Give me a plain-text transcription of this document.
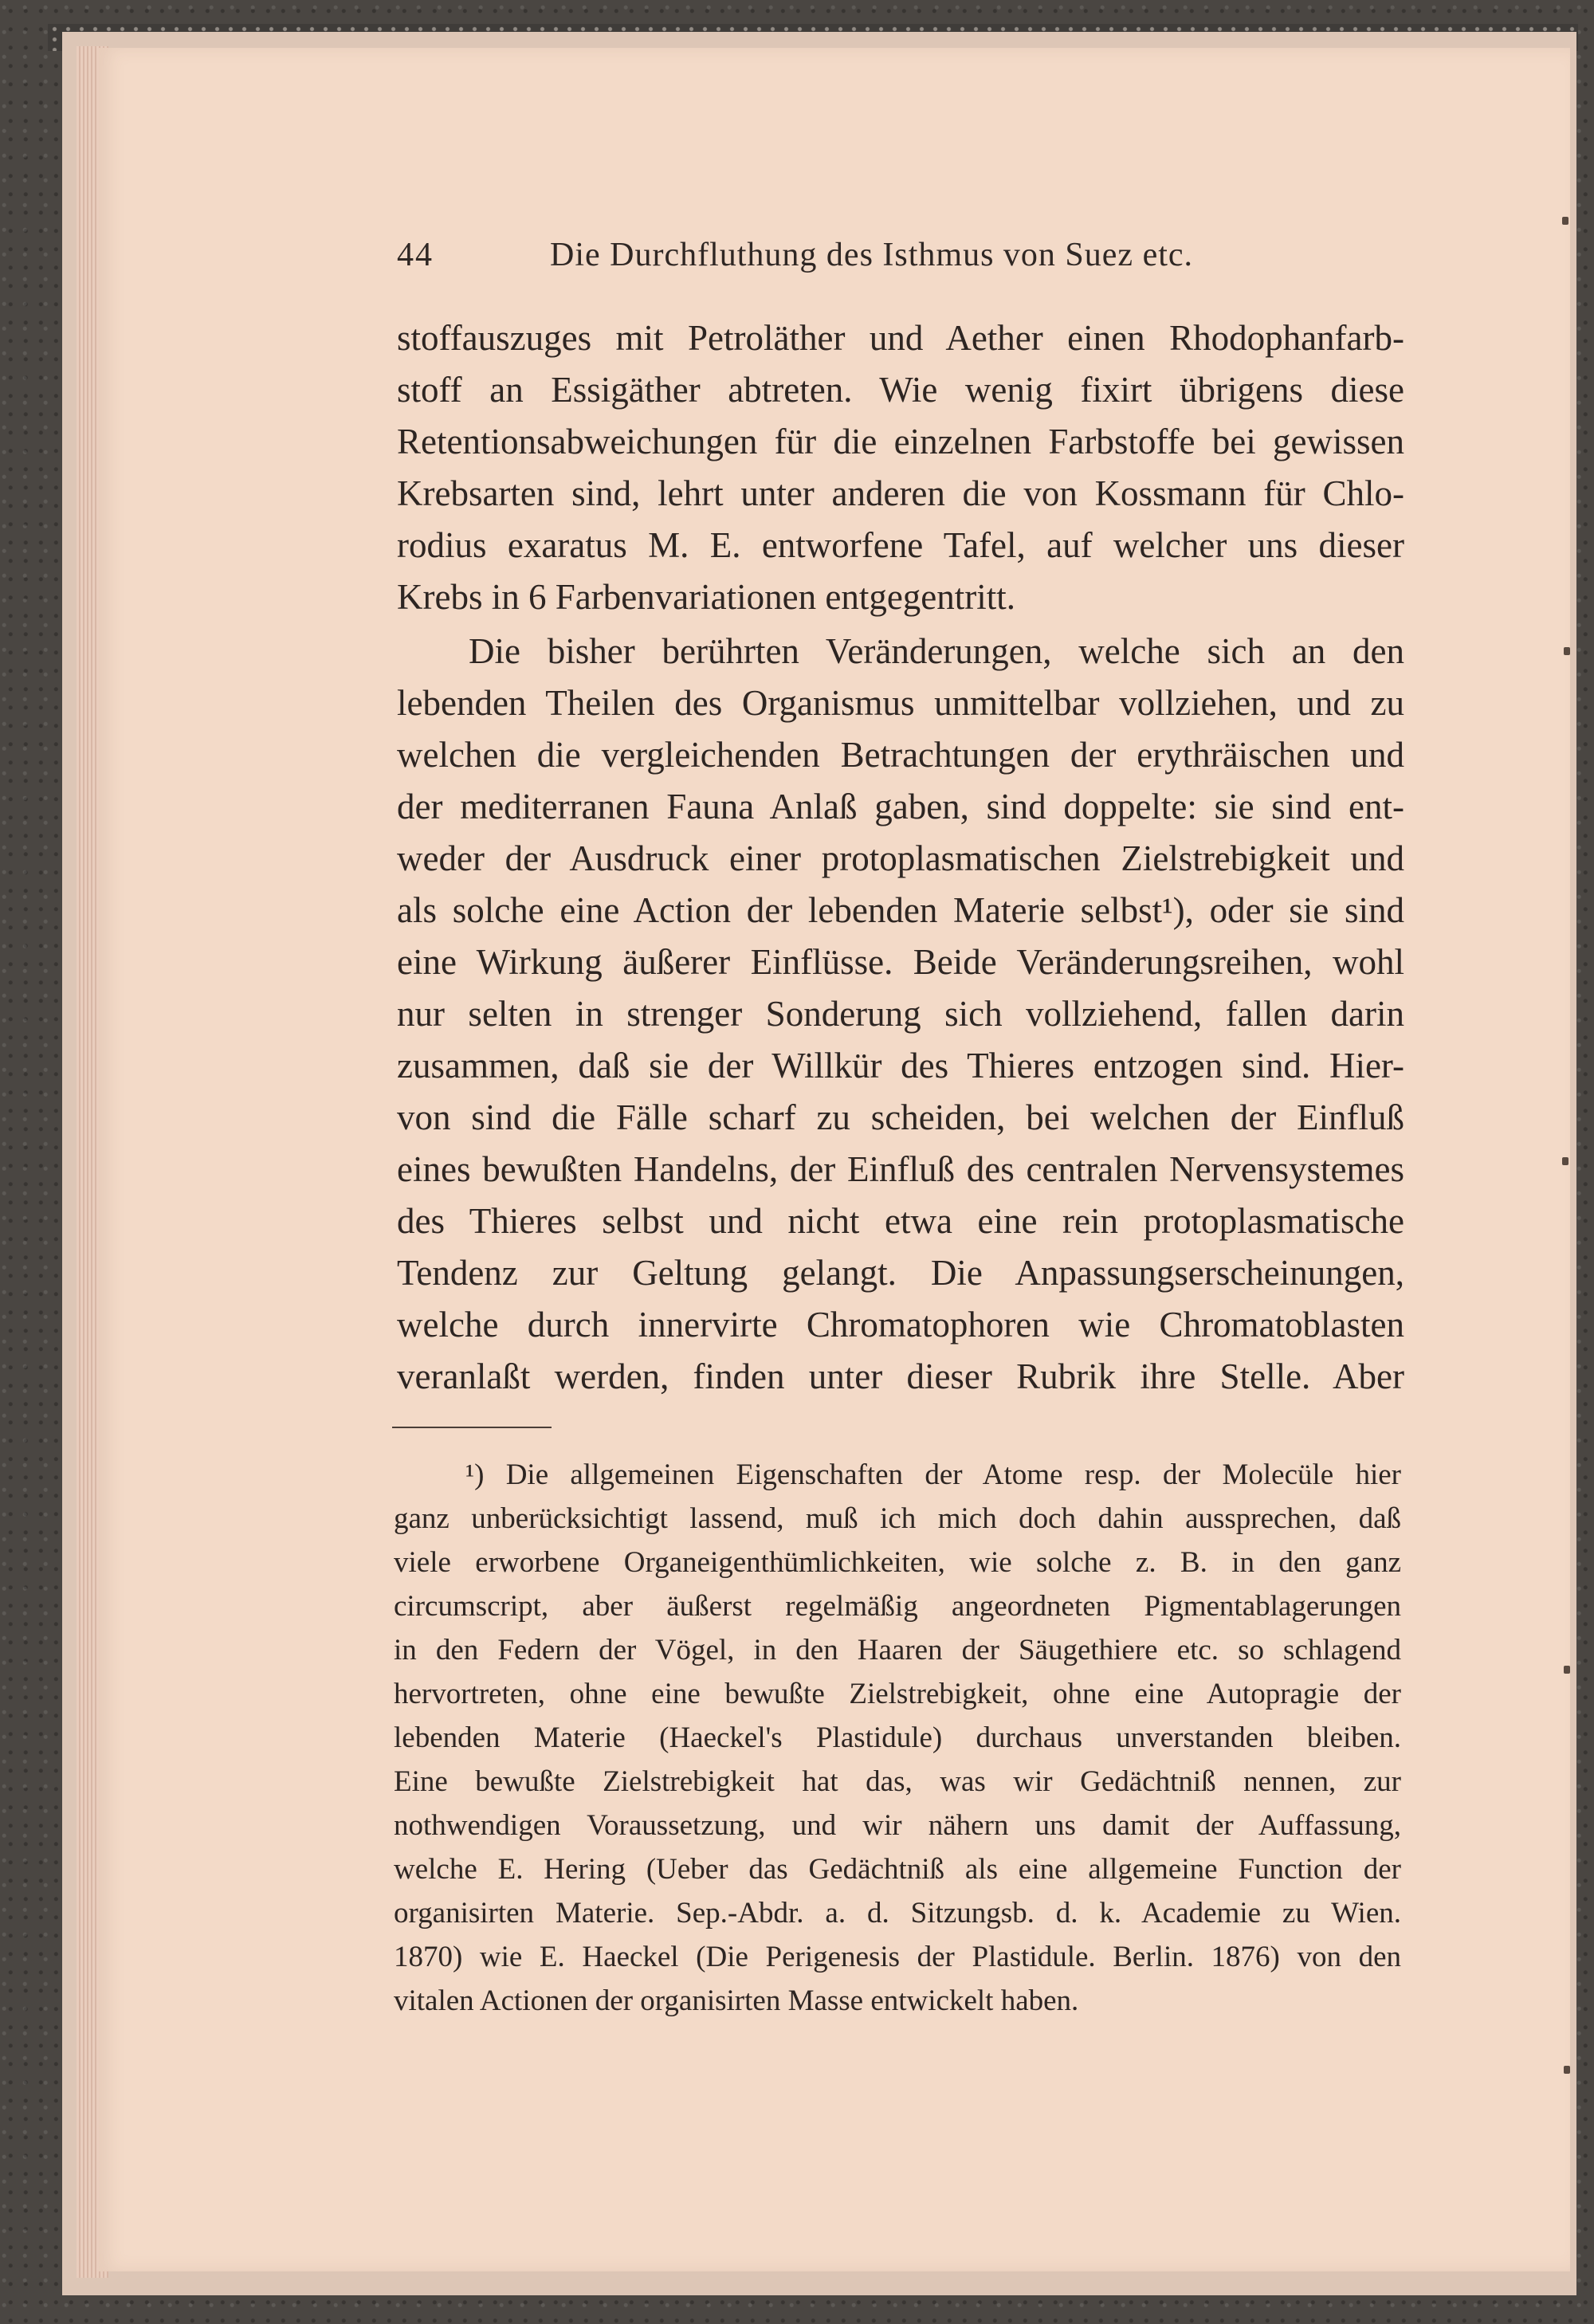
44	Die Durchfluthung des Isthmus von Suez etc.
stoffauszuges mit Petroläther und Aether einen Rhodophanfarb-
stoff an Essigäther abtreten. Wie wenig fixirt übrigens diese
Retentionsabweichungen für die einzelnen Farbstoffe bei gewissen
Krebsarten sind, lehrt unter anderen die von Kossmann für Chlo-
rodius exaratus M. E. entworfene Tafel, auf welcher uns dieser
Krebs in 6 Farbenvariationen entgegentritt.
Die bisher berührten Veränderungen, welche sich an den
lebenden Theilen des Organismus unmittelbar vollziehen, und zu
welchen die vergleichenden Betrachtungen der erythräischen und
der mediterranen Fauna Anlaß gaben, sind doppelte: sie sind ent-
weder der Ausdruck einer protoplasmatischen Zielstrebigkeit und
als solche eine Action der lebenden Materie selbst¹), oder sie sind
eine Wirkung äußerer Einflüsse. Beide Veränderungsreihen, wohl
nur selten in strenger Sonderung sich vollziehend, fallen darin
zusammen, daß sie der Willkür des Thieres entzogen sind. Hier-
von sind die Fälle scharf zu scheiden, bei welchen der Einfluß
eines bewußten Handelns, der Einfluß des centralen Nervensystemes
des Thieres selbst und nicht etwa eine rein protoplasmatische
Tendenz zur Geltung gelangt. Die Anpassungserscheinungen,
welche durch innervirte Chromatophoren wie Chromatoblasten
veranlaßt werden, finden unter dieser Rubrik ihre Stelle. Aber
¹) Die allgemeinen Eigenschaften der Atome resp. der Molecüle hier
ganz unberücksichtigt lassend, muß ich mich doch dahin aussprechen, daß
viele erworbene Organeigenthümlichkeiten, wie solche z. B. in den ganz
circumscript, aber äußerst regelmäßig angeordneten Pigmentablagerungen
in den Federn der Vögel, in den Haaren der Säugethiere etc. so schlagend
hervortreten, ohne eine bewußte Zielstrebigkeit, ohne eine Autopragie der
lebenden Materie (Haeckel's Plastidule) durchaus unverstanden bleiben.
Eine bewußte Zielstrebigkeit hat das, was wir Gedächtniß nennen, zur
nothwendigen Voraussetzung, und wir nähern uns damit der Auffassung,
welche E. Hering (Ueber das Gedächtniß als eine allgemeine Function der
organisirten Materie. Sep.-Abdr. a. d. Sitzungsb. d. k. Academie zu Wien.
1870) wie E. Haeckel (Die Perigenesis der Plastidule. Berlin. 1876) von den
vitalen Actionen der organisirten Masse entwickelt haben.
